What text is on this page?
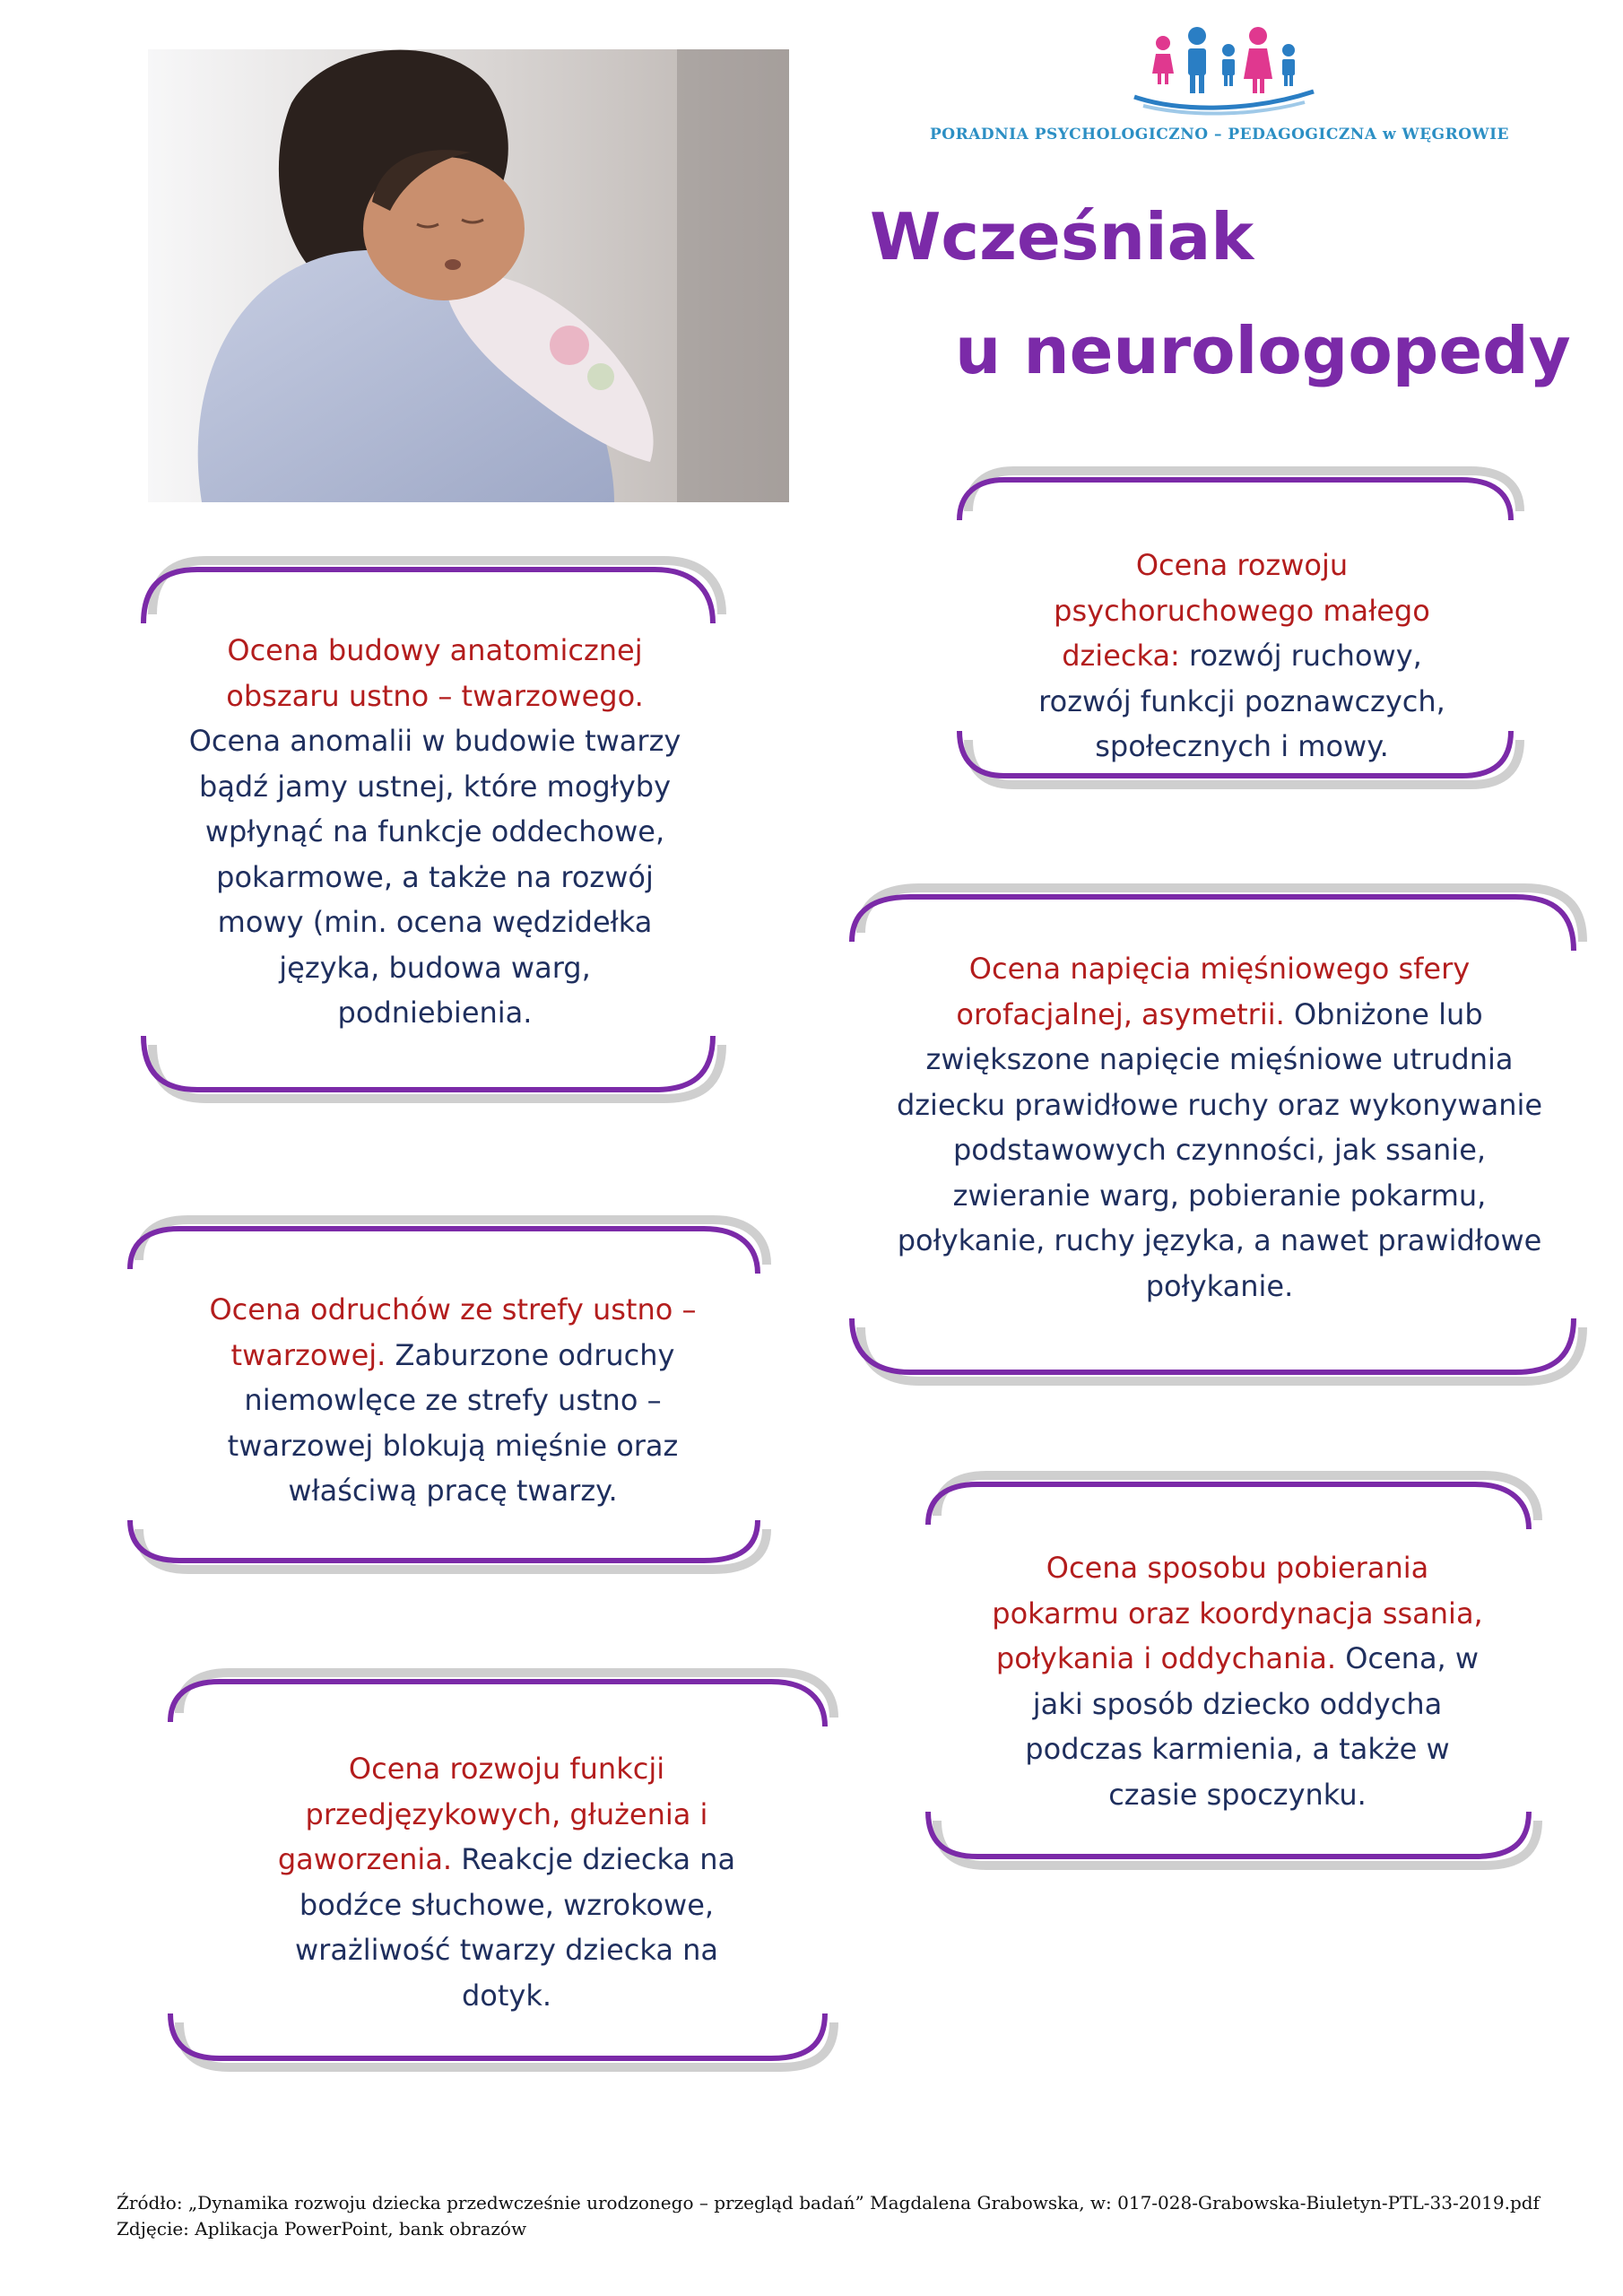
PORADNIA PSYCHOLOGICZNO – PEDAGOGICZNA w WĘGROWIE
Wcześniak
u neurologopedy
Ocena budowy anatomicznej obszaru ustno – twarzowego. Ocena anomalii w budowie twarzy bądź jamy ustnej, które mogłyby wpłynąć na funkcje oddechowe, pokarmowe, a także na rozwój mowy (min. ocena wędzidełka języka, budowa warg, podniebienia.
Ocena rozwoju psychoruchowego małego dziecka: rozwój ruchowy, rozwój funkcji poznawczych, społecznych i mowy.
Ocena napięcia mięśniowego sfery orofacjalnej, asymetrii. Obniżone lub zwiększone napięcie mięśniowe utrudnia dziecku prawidłowe ruchy oraz wykonywanie podstawowych czynności, jak ssanie, zwieranie warg, pobieranie pokarmu, połykanie, ruchy języka, a nawet prawidłowe połykanie.
Ocena odruchów ze strefy ustno – twarzowej. Zaburzone odruchy niemowlęce ze strefy ustno – twarzowej blokują mięśnie oraz właściwą pracę twarzy.
Ocena sposobu pobierania pokarmu oraz koordynacja ssania, połykania i oddychania. Ocena, w jaki sposób dziecko oddycha podczas karmienia, a także w czasie spoczynku.
Ocena rozwoju funkcji przedjęzykowych, głużenia i gaworzenia. Reakcje dziecka na bodźce słuchowe, wzrokowe, wrażliwość twarzy dziecka na dotyk.
Źródło: „Dynamika rozwoju dziecka przedwcześnie urodzonego – przegląd badań” Magdalena Grabowska, w: 017-028-Grabowska-Biuletyn-PTL-33-2019.pdf
Zdjęcie: Aplikacja PowerPoint, bank obrazów
